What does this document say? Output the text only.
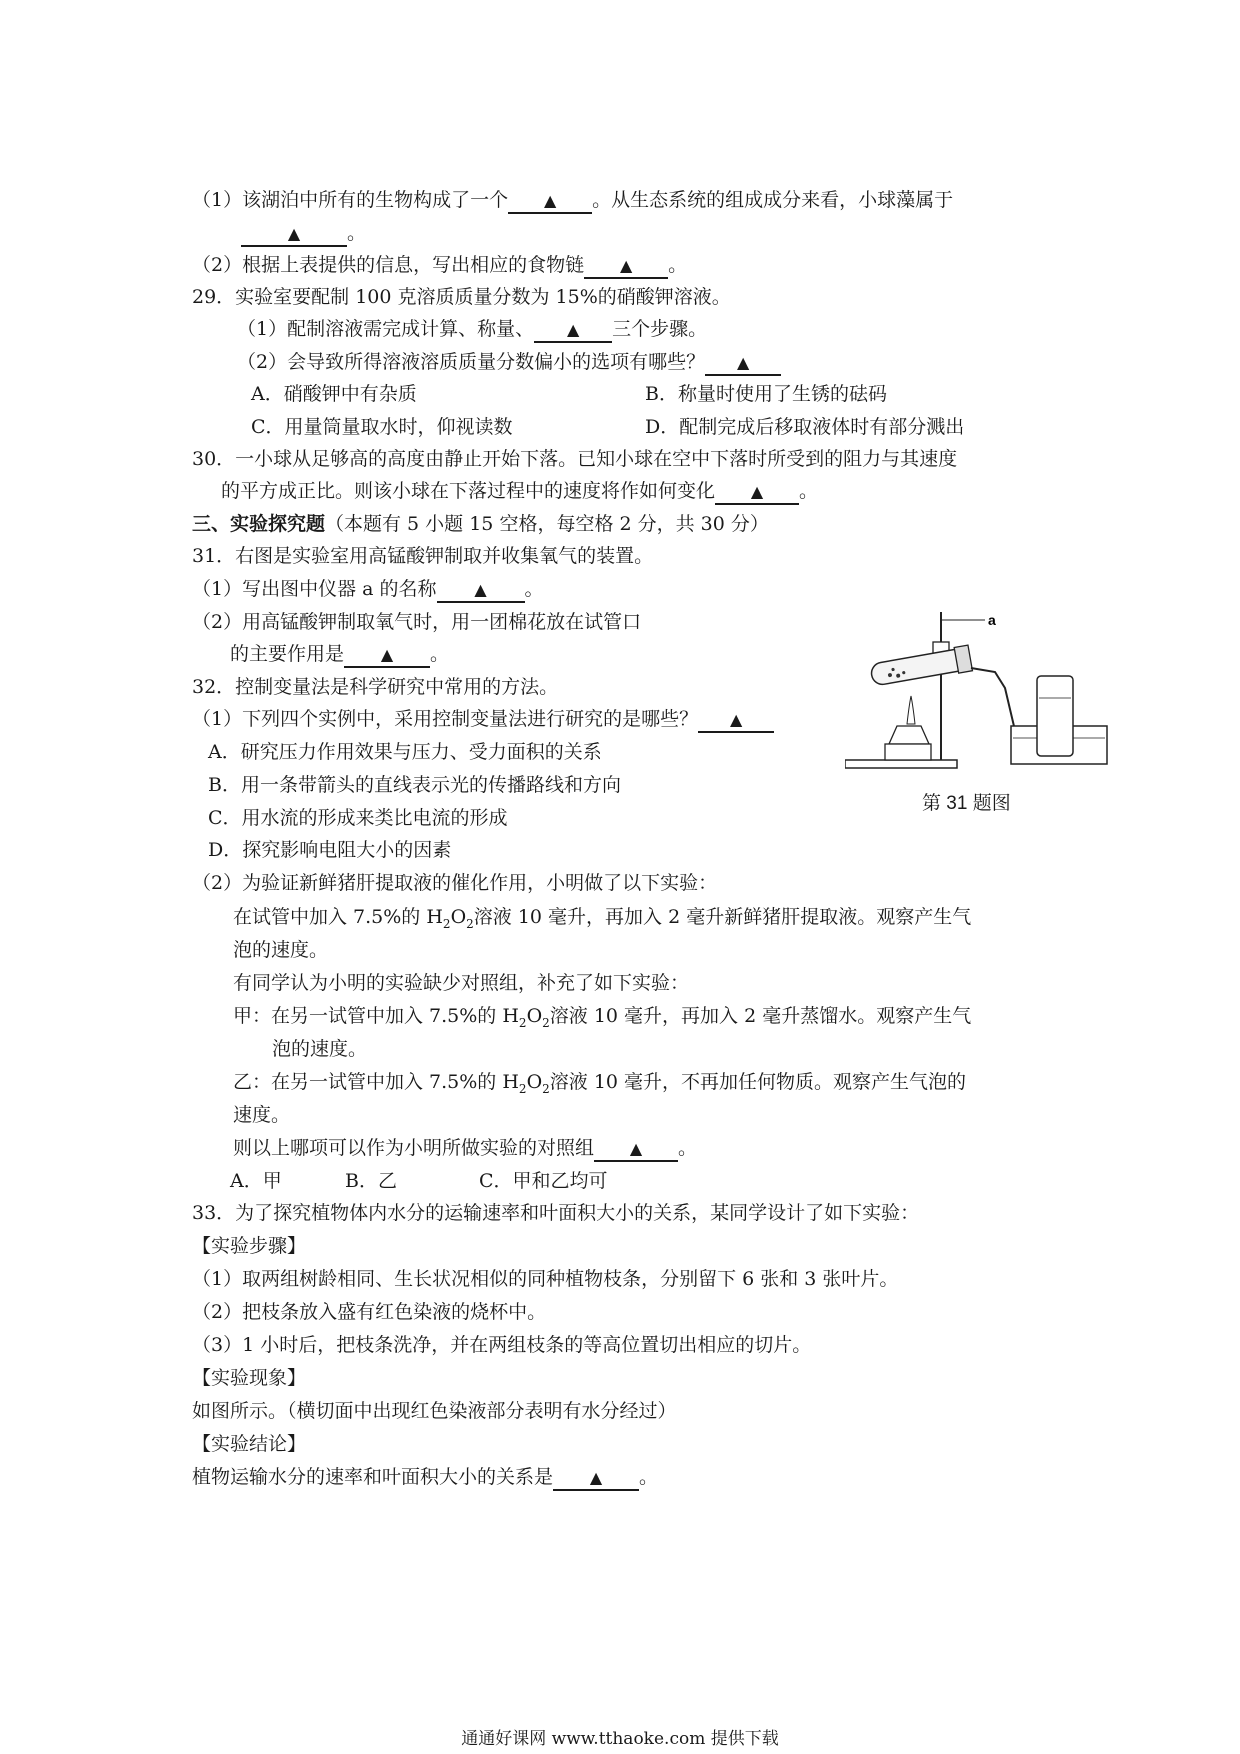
（1）该湖泊中所有的生物构成了一个 ▲ 。从生态系统的组成成分来看，小球藻属于
▲ 。
（2）根据上表提供的信息，写出相应的食物链 ▲ 。
29．实验室要配制 100 克溶质质量分数为 15%的硝酸钾溶液。
（1）配制溶液需完成计算、称量、 ▲ 三个步骤。
（2）会导致所得溶液溶质质量分数偏小的选项有哪些？ ▲
A．硝酸钾中有杂质	B．称量时使用了生锈的砝码
C．用量筒量取水时，仰视读数	D．配制完成后移取液体时有部分溅出
30．一小球从足够高的高度由静止开始下落。已知小球在空中下落时所受到的阻力与其速度
的平方成正比。则该小球在下落过程中的速度将作如何变化 ▲ 。
三、实验探究题（本题有 5 小题 15 空格，每空格 2 分，共 30 分）
31．右图是实验室用高锰酸钾制取并收集氧气的装置。
（1）写出图中仪器 a 的名称 ▲ 。
（2）用高锰酸钾制取氧气时，用一团棉花放在试管口
的主要作用是 ▲ 。
a
第 31 题图
32．控制变量法是科学研究中常用的方法。
（1）下列四个实例中，采用控制变量法进行研究的是哪些？ ▲
A．研究压力作用效果与压力、受力面积的关系
B．用一条带箭头的直线表示光的传播路线和方向
C．用水流的形成来类比电流的形成
D．探究影响电阻大小的因素
（2）为验证新鲜猪肝提取液的催化作用，小明做了以下实验：
在试管中加入 7.5%的 $H_2O_2$溶液 10 毫升，再加入 2 毫升新鲜猪肝提取液。观察产生气
泡的速度。
有同学认为小明的实验缺少对照组，补充了如下实验：
甲：在另一试管中加入 7.5%的 $H_2O_2$溶液 10 毫升，再加入 2 毫升蒸馏水。观察产生气
泡的速度。
乙：在另一试管中加入 7.5%的 $H_2O_2$溶液 10 毫升，不再加任何物质。观察产生气泡的
速度。
则以上哪项可以作为小明所做实验的对照组 ▲ 。
A．甲	B．乙	C．甲和乙均可
33．为了探究植物体内水分的运输速率和叶面积大小的关系，某同学设计了如下实验：
【实验步骤】
（1）取两组树龄相同、生长状况相似的同种植物枝条，分别留下 6 张和 3 张叶片。
（2）把枝条放入盛有红色染液的烧杯中。
（3）1 小时后，把枝条洗净，并在两组枝条的等高位置切出相应的切片。
【实验现象】
如图所示。（横切面中出现红色染液部分表明有水分经过）
【实验结论】
植物运输水分的速率和叶面积大小的关系是 ▲ 。
通通好课网 www.tthaoke.com 提供下载
